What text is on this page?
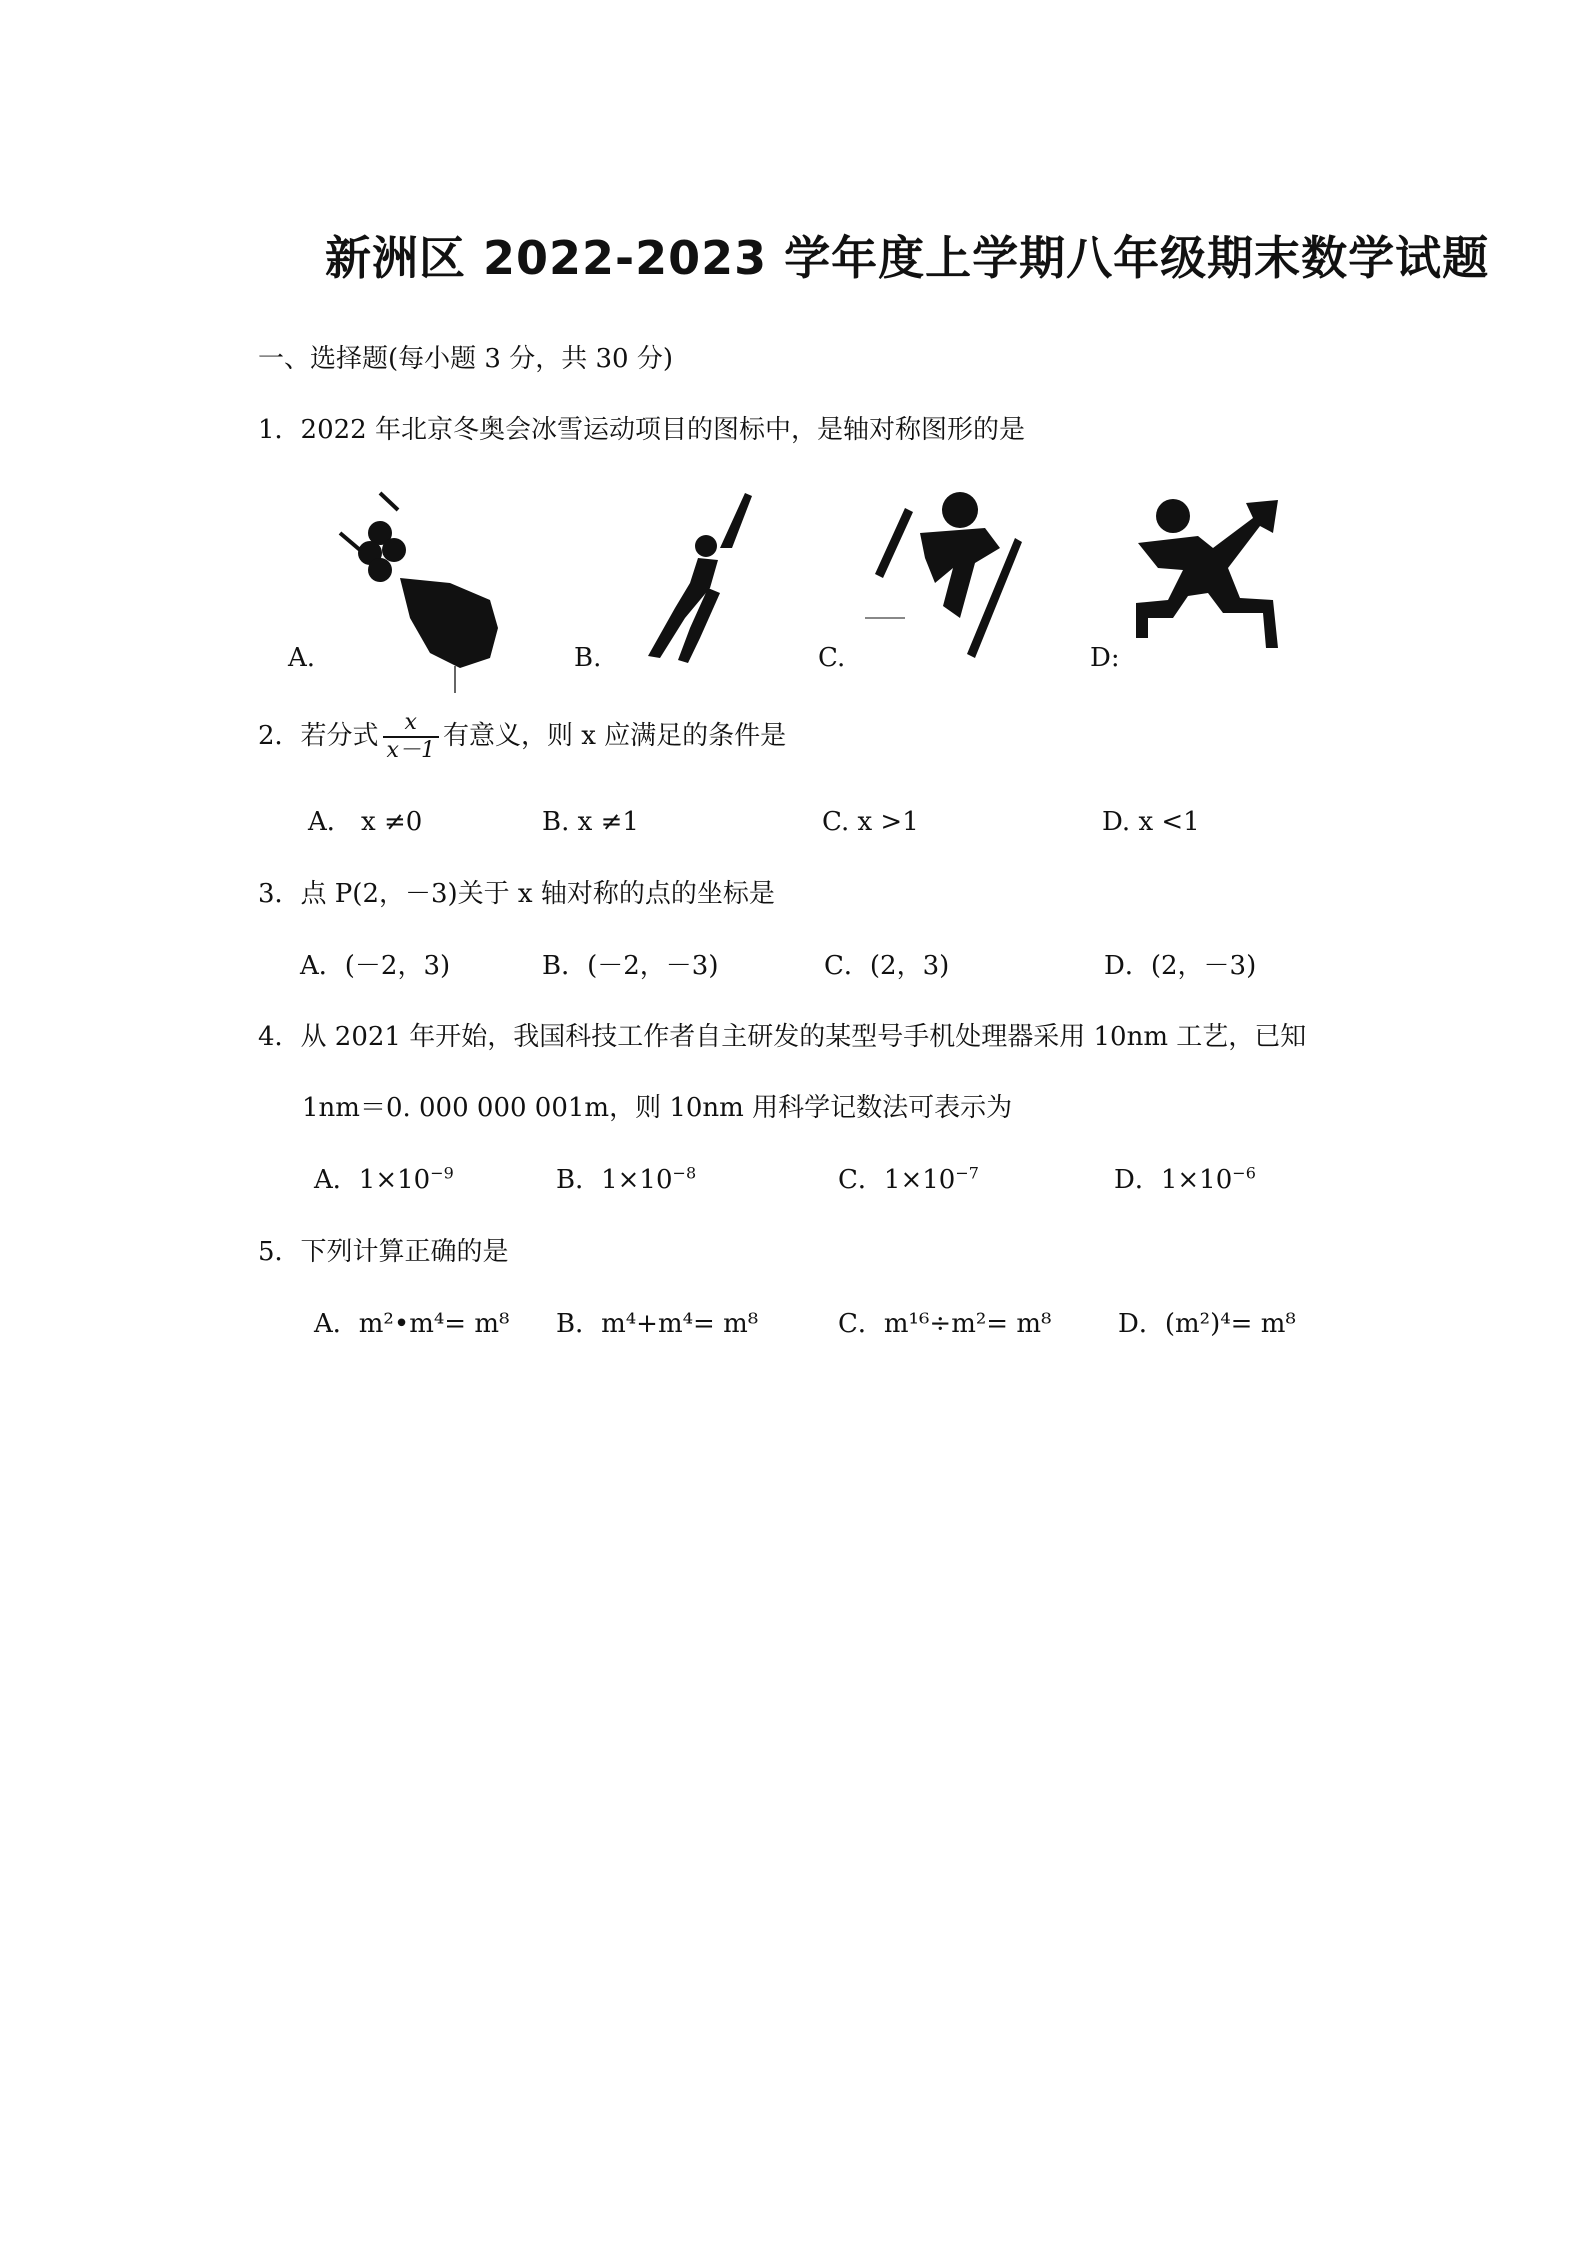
新洲区 2022-2023 学年度上学期八年级期末数学试题
一、选择题(每小题 3 分，共 30 分)
1．2022 年北京冬奥会冰雪运动项目的图标中，是轴对称图形的是
A.	B.	C.	D:
2．若分式 $\frac{x}{x-1}$ 有意义，则 x 应满足的条件是
A． x ≠0	B. x ≠1	C. x >1	D. x <1
3．点 P(2，－3)关于 x 轴对称的点的坐标是
A．(－2，3)	B．(－2，－3)	C．(2，3)	D．(2，－3)
4．从 2021 年开始，我国科技工作者自主研发的某型号手机处理器采用 10nm 工艺，已知
1nm＝0. 000 000 001m，则 10nm 用科学记数法可表示为
A．$1\times 10^{-9}$	B．$1\times 10^{-8}$	C．$1\times 10^{-7}$	D．$1\times 10^{-6}$
5．下列计算正确的是
A．m²•m⁴= m⁸ B．m⁴+m⁴= m⁸	C．m¹⁶÷m²= m⁸	D．(m²)⁴= m⁸
